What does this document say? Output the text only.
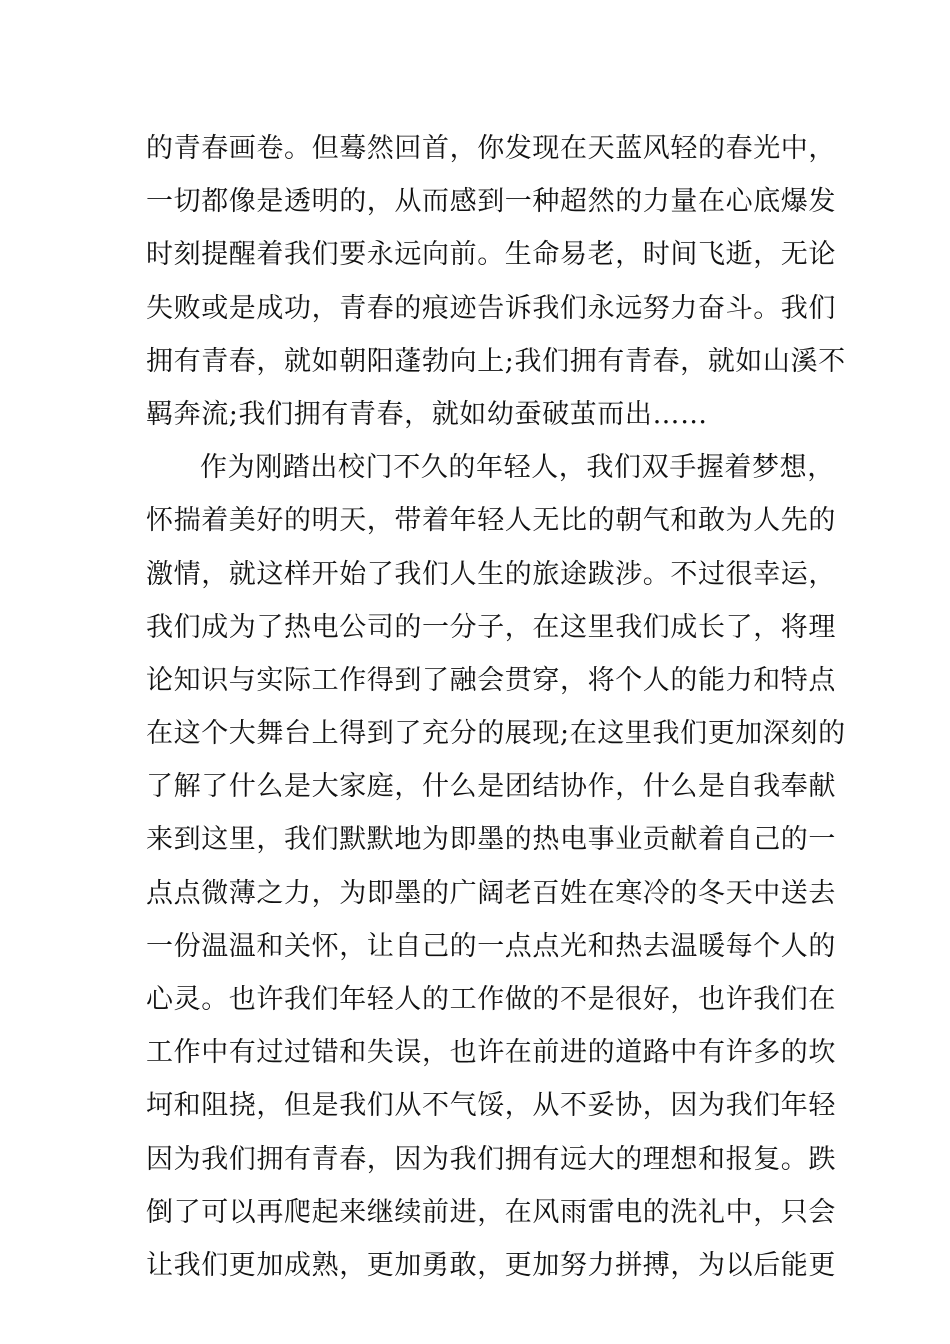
的青春画卷。但蓦然回首，你发现在天蓝风轻的春光中，
一切都像是透明的，从而感到一种超然的力量在心底爆发
时刻提醒着我们要永远向前。生命易老，时间飞逝，无论
失败或是成功，青春的痕迹告诉我们永远努力奋斗。我们
拥有青春，就如朝阳蓬勃向上;我们拥有青春，就如山溪不
羁奔流;我们拥有青春，就如幼蚕破茧而出……
作为刚踏出校门不久的年轻人，我们双手握着梦想，
怀揣着美好的明天，带着年轻人无比的朝气和敢为人先的
激情，就这样开始了我们人生的旅途跋涉。不过很幸运，
我们成为了热电公司的一分子，在这里我们成长了，将理
论知识与实际工作得到了融会贯穿，将个人的能力和特点
在这个大舞台上得到了充分的展现;在这里我们更加深刻的
了解了什么是大家庭，什么是团结协作，什么是自我奉献
来到这里，我们默默地为即墨的热电事业贡献着自己的一
点点微薄之力，为即墨的广阔老百姓在寒冷的冬天中送去
一份温温和关怀，让自己的一点点光和热去温暖每个人的
心灵。也许我们年轻人的工作做的不是很好，也许我们在
工作中有过过错和失误，也许在前进的道路中有许多的坎
坷和阻挠，但是我们从不气馁，从不妥协，因为我们年轻
因为我们拥有青春，因为我们拥有远大的理想和报复。跌
倒了可以再爬起来继续前进，在风雨雷电的洗礼中，只会
让我们更加成熟，更加勇敢，更加努力拼搏，为以后能更
